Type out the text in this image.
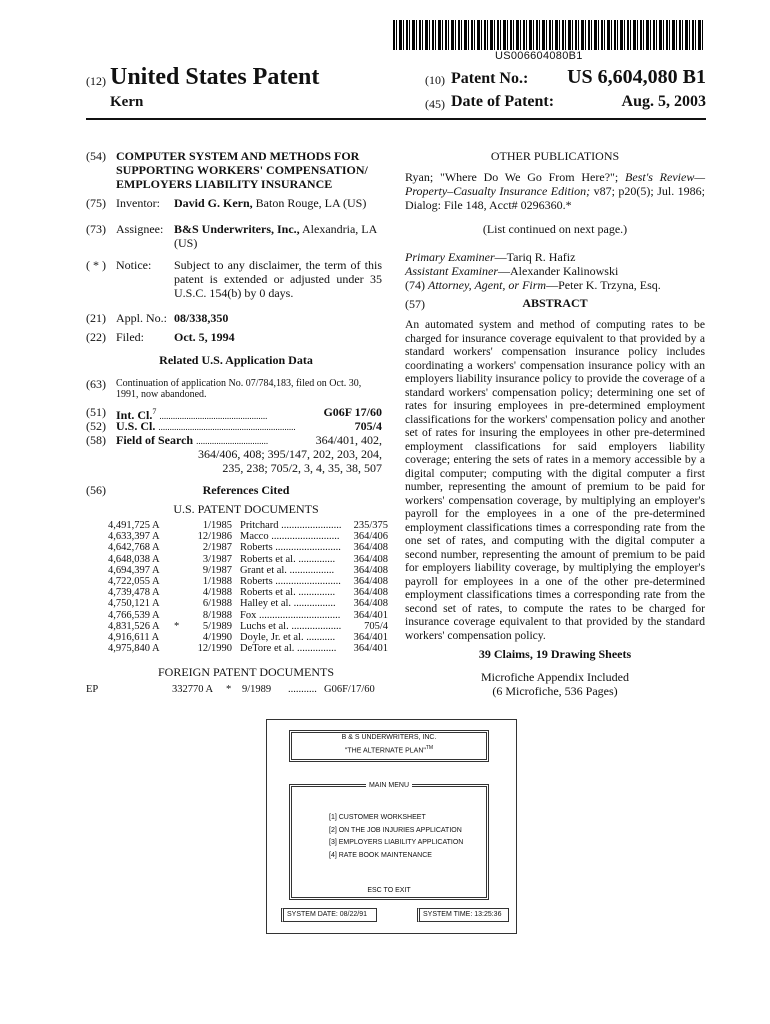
US006604080B1
(12) United States Patent
Kern
(10) Patent No.: US 6,604,080 B1
(45) Date of Patent:	Aug. 5, 2003
(54) COMPUTER SYSTEM AND METHODS FOR SUPPORTING WORKERS' COMPENSATION/ EMPLOYERS LIABILITY INSURANCE
(75) Inventor: David G. Kern, Baton Rouge, LA (US)
(73) Assignee: B&S Underwriters, Inc., Alexandria, LA (US)
( * ) Notice: Subject to any disclaimer, the term of this patent is extended or adjusted under 35 U.S.C. 154(b) by 0 days.
(21) Appl. No.: 08/338,350
(22) Filed: Oct. 5, 1994
Related U.S. Application Data
(63) Continuation of application No. 07/784,183, filed on Oct. 30, 1991, now abandoned.
(51) Int. Cl.$^7$ ................................................	G06F 17/60
(52) U.S. Cl. .............................................................	705/4
(58) Field of Search ................................	364/401, 402,
364/406, 408; 395/147, 202, 203, 204,
235, 238; 705/2, 3, 4, 35, 38, 507
(56)	References Cited
U.S. PATENT DOCUMENTS
4,491,725 A	1/1985 Pritchard .......................	235/375
4,633,397 A	12/1986 Macco ..........................	364/406
4,642,768 A	2/1987 Roberts .........................	364/408
4,648,038 A	3/1987 Roberts et al. ..............	364/408
4,694,397 A	9/1987 Grant et al. .................	364/408
4,722,055 A	1/1988 Roberts .........................	364/408
4,739,478 A	4/1988 Roberts et al. ..............	364/408
4,750,121 A	6/1988 Halley et al. ................	364/408
4,766,539 A	8/1988 Fox ...............................	364/401
4,831,526 A *	5/1989 Luchs et al. ...................	705/4
4,916,611 A	4/1990 Doyle, Jr. et al. ...........	364/401
4,975,840 A	12/1990 DeTore et al. ...............	364/401
FOREIGN PATENT DOCUMENTS
EP	332770 A * 9/1989 ........... G06F/17/60
OTHER PUBLICATIONS
Ryan; "Where Do We Go From Here?"; Best's Review—Property–Casualty Insurance Edition; v87; p20(5); Jul. 1986; Dialog: File 148, Acct# 0296360.*
(List continued on next page.)
Primary Examiner—Tariq R. Hafiz
Assistant Examiner—Alexander Kalinowski
(74) Attorney, Agent, or Firm—Peter K. Trzyna, Esq.
(57)	ABSTRACT
An automated system and method of computing rates to be charged for insurance coverage equivalent to that provided by a standard workers' compensation insurance policy includes coordinating a workers' compensation insurance policy with an employers liability insurance policy to provide the coverage of a standard workers' compensation policy; determining one set of rates for insuring employees in pre-determined employment classifications for the workers' compensation policy and another set of rates for insuring the employees in other pre-determined employment classifications for said employers liability coverage; entering the sets of rates in a memory accessible by a digital computer; computing with the digital computer a first number, representing the amount of premium to be paid for workers' compensation coverage, by multiplying an employer's payroll for the employees in a one of the pre-determined employment classifications times a corresponding rate from the one set of rates, and computing with the digital computer a second number, representing the amount of premium to be paid for employers liability coverage, by multiplying the employer's payroll for employees in a one of the other pre-determined employment classifications times a corresponding rate from the second set of rates, to compute the rates to be charged for insurance coverage equivalent to that provided by the standard workers' compensation policy.
39 Claims, 19 Drawing Sheets
Microfiche Appendix Included
(6 Microfiche, 536 Pages)
B & S UNDERWRITERS, INC.
"THE ALTERNATE PLAN"™
MAIN MENU
[1] CUSTOMER WORKSHEET
[2] ON THE JOB INJURIES APPLICATION
[3] EMPLOYERS LIABILITY APPLICATION
[4] RATE BOOK MAINTENANCE
ESC TO EXIT
SYSTEM DATE: 08/22/91	SYSTEM TIME: 13:25:36
